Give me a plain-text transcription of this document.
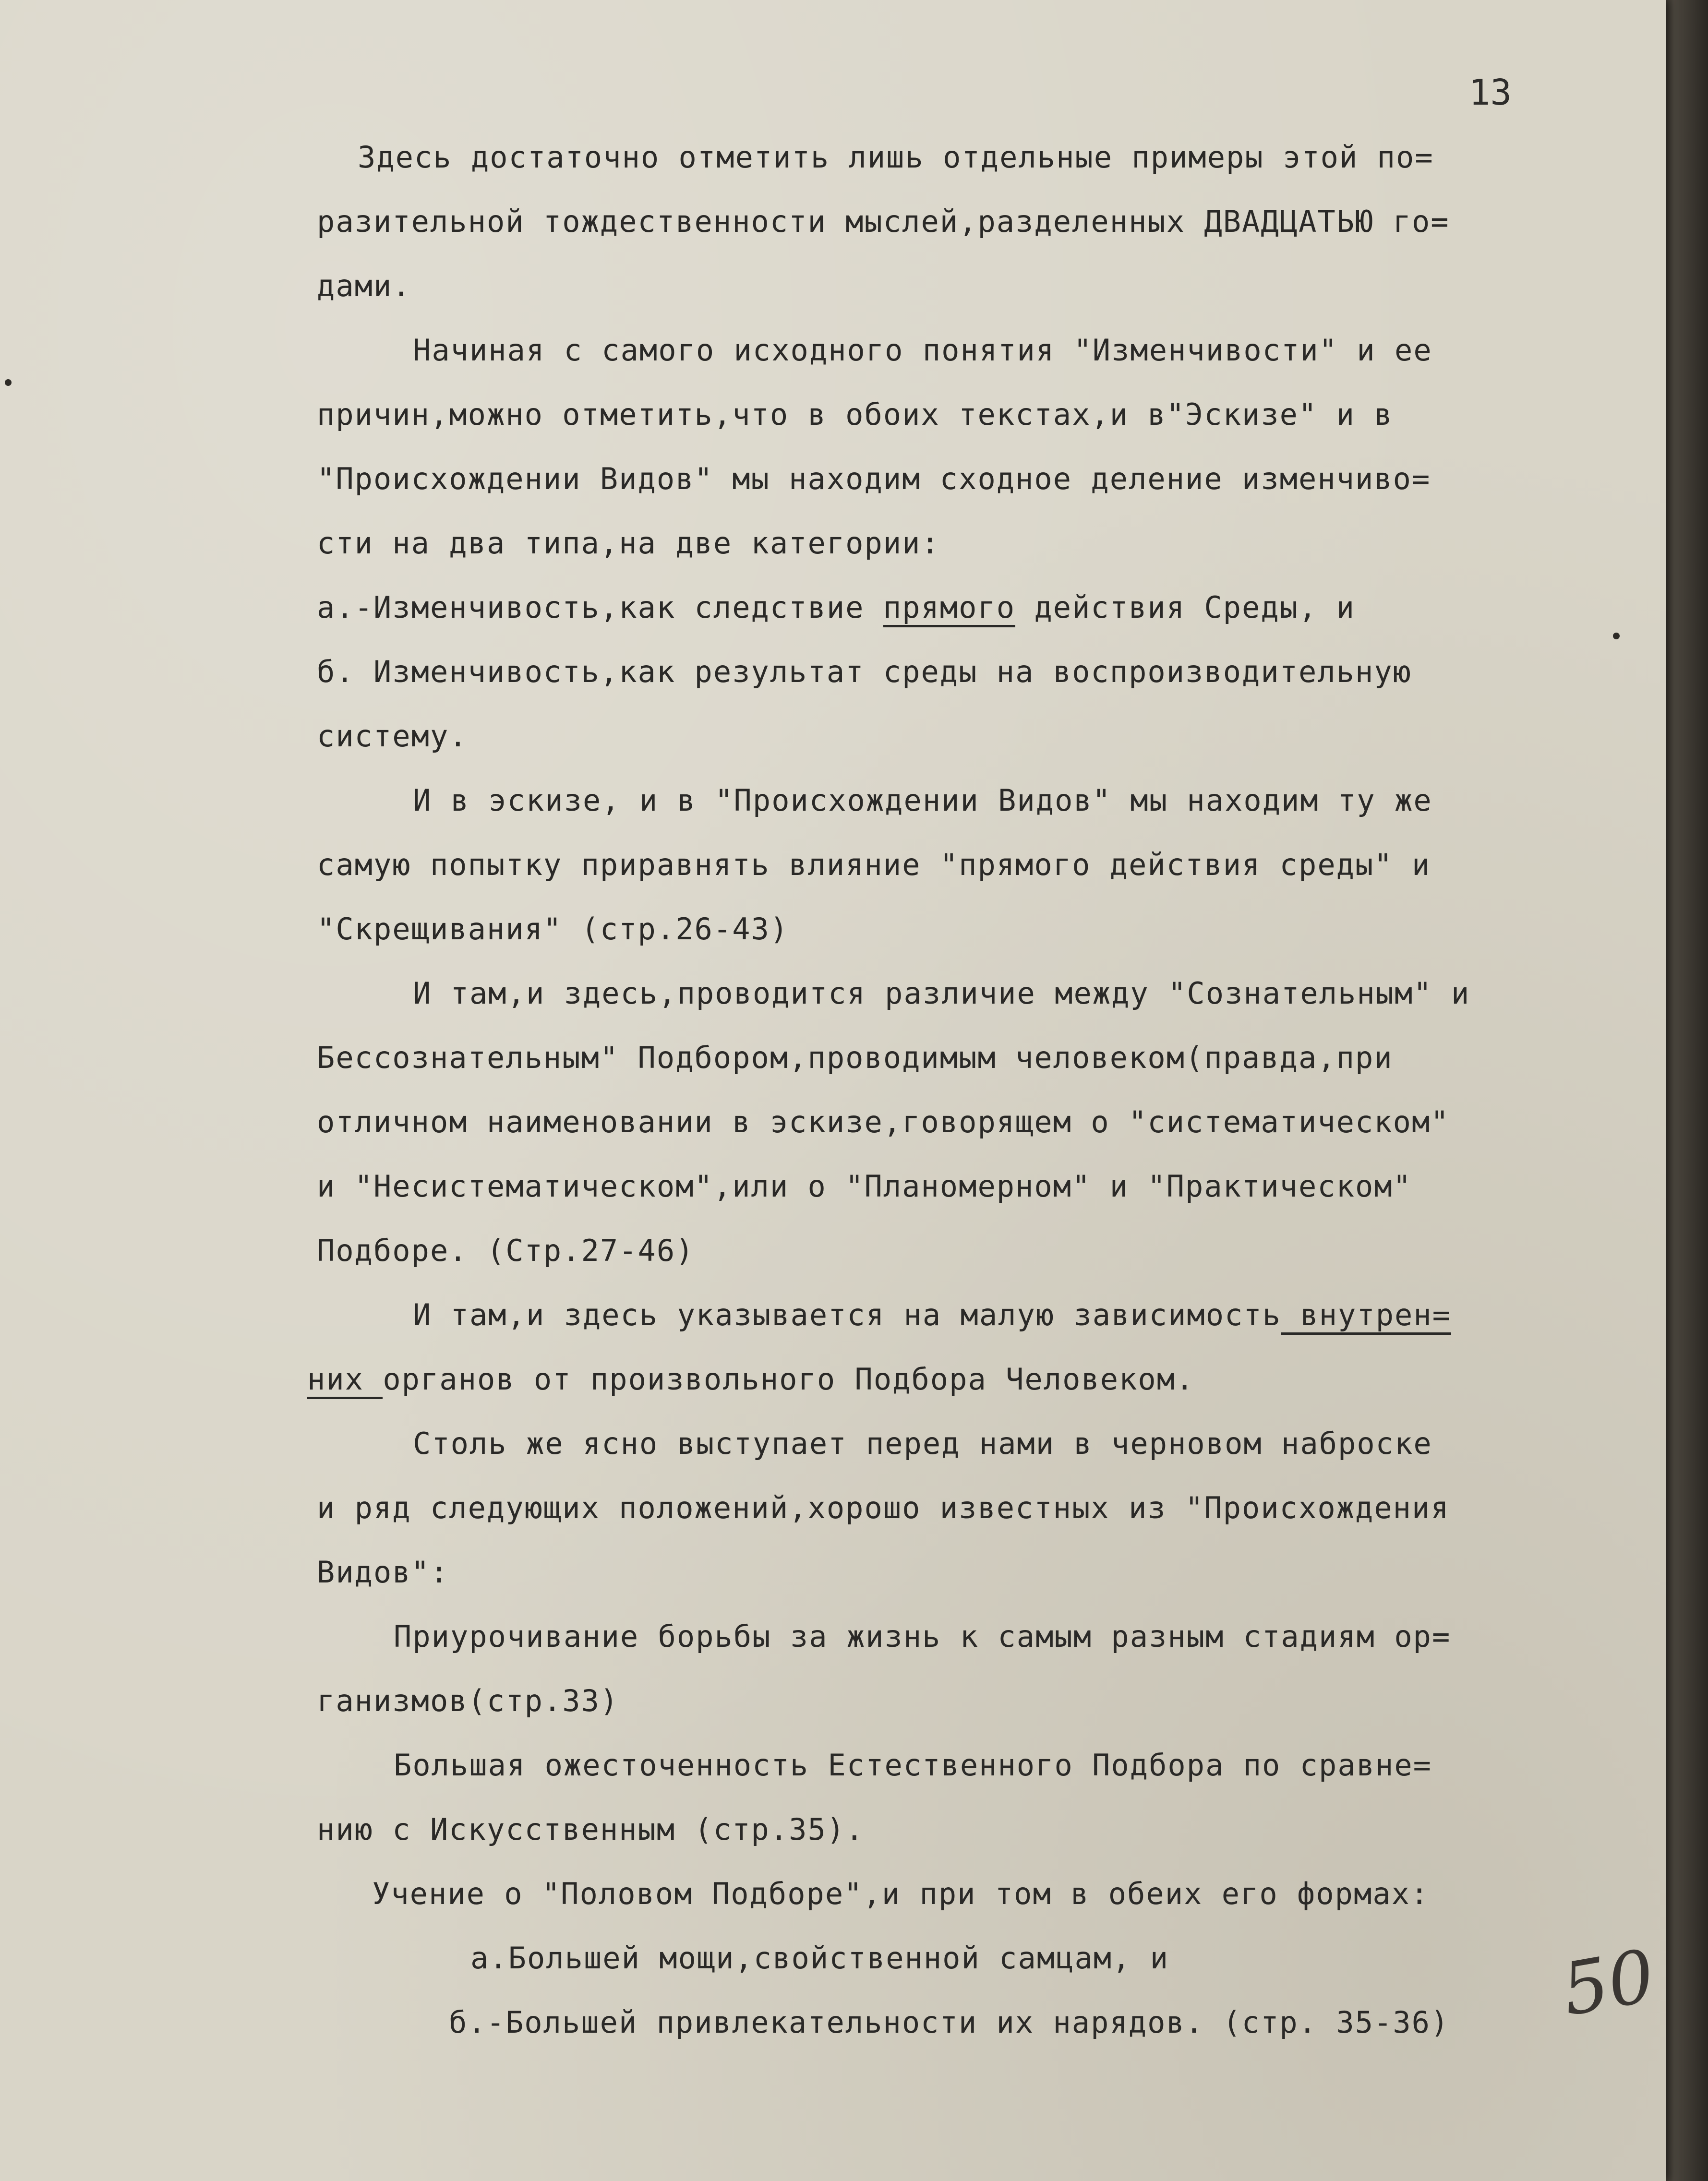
13

Здесь достаточно отметить лишь отдельные примеры этой по=

разительной тождественности мыслей,разделенных ДВАДЦАТЬЮ го=

дами.

Начиная с самого исходного понятия "Изменчивости" и ее

причин,можно отметить,что в обоих текстах,и в"Эскизе" и в

"Происхождении Видов" мы находим сходное деление изменчиво=

сти на два типа,на две категории:

а.-Изменчивость,как следствие прямого действия Среды, и

б. Изменчивость,как результат среды на воспроизводительную

систему.

И в эскизе, и в "Происхождении Видов" мы находим ту же

самую попытку приравнять влияние "прямого действия среды" и

"Скрещивания" (стр.26-43)

И там,и здесь,проводится различие между "Сознательным" и

Бессознательным" Подбором,проводимым человеком(правда,при

отличном наименовании в эскизе,говорящем о "систематическом"

и "Несистематическом",или о "Планомерном" и "Практическом"

Подборе. (Стр.27-46)

И там,и здесь указывается на малую зависимость внутрен=

них органов от произвольного Подбора Человеком.

Столь же ясно выступает перед нами в черновом наброске

и ряд следующих положений,хорошо известных из "Происхождения

Видов":

Приурочивание борьбы за жизнь к самым разным стадиям ор=

ганизмов(стр.33)

Большая ожесточенность Естественного Подбора по сравне=

нию с Искусственным (стр.35).

Учение о "Половом Подборе",и при том в обеих его формах:

а.Большей мощи,свойственной самцам, и

б.-Большей привлекательности их нарядов. (стр. 35-36) 50
